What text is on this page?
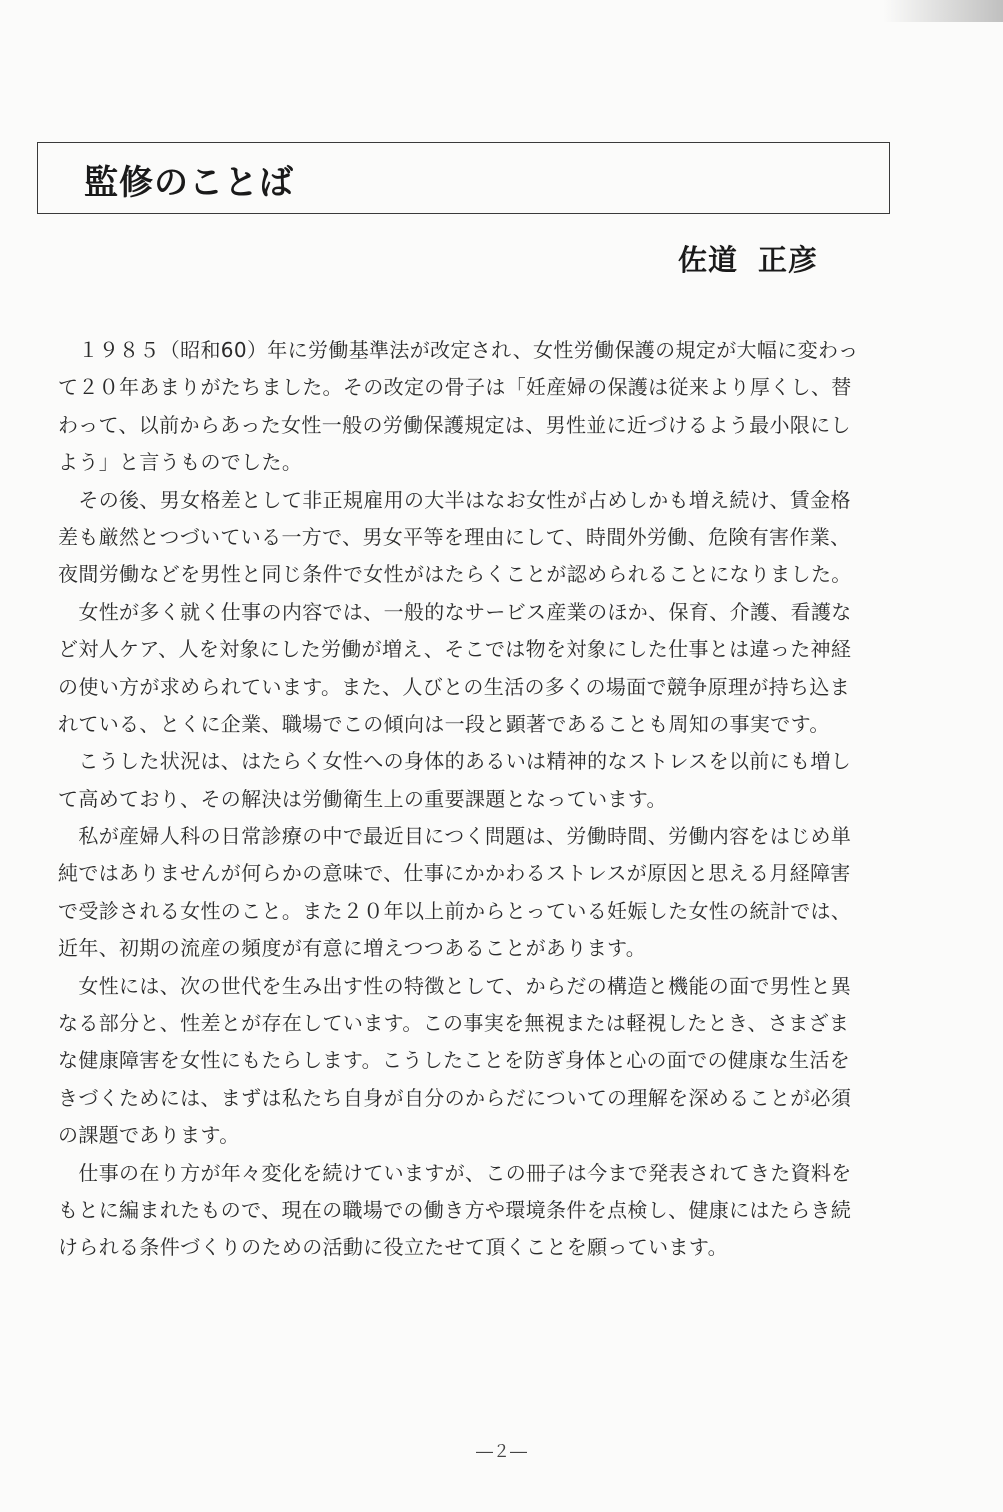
監修のことば
佐道 正彦
　１９８５（昭和60）年に労働基準法が改定され、女性労働保護の規定が大幅に変わっ
て２０年あまりがたちました。その改定の骨子は「妊産婦の保護は従来より厚くし、替
わって、以前からあった女性一般の労働保護規定は、男性並に近づけるよう最小限にし
よう」と言うものでした。
　その後、男女格差として非正規雇用の大半はなお女性が占めしかも増え続け、賃金格
差も厳然とつづいている一方で、男女平等を理由にして、時間外労働、危険有害作業、
夜間労働などを男性と同じ条件で女性がはたらくことが認められることになりました。
　女性が多く就く仕事の内容では、一般的なサービス産業のほか、保育、介護、看護な
ど対人ケア、人を対象にした労働が増え、そこでは物を対象にした仕事とは違った神経
の使い方が求められています。また、人びとの生活の多くの場面で競争原理が持ち込ま
れている、とくに企業、職場でこの傾向は一段と顕著であることも周知の事実です。
　こうした状況は、はたらく女性への身体的あるいは精神的なストレスを以前にも増し
て高めており、その解決は労働衛生上の重要課題となっています。
　私が産婦人科の日常診療の中で最近目につく問題は、労働時間、労働内容をはじめ単
純ではありませんが何らかの意味で、仕事にかかわるストレスが原因と思える月経障害
で受診される女性のこと。また２０年以上前からとっている妊娠した女性の統計では、
近年、初期の流産の頻度が有意に増えつつあることがあります。
　女性には、次の世代を生み出す性の特徴として、からだの構造と機能の面で男性と異
なる部分と、性差とが存在しています。この事実を無視または軽視したとき、さまざま
な健康障害を女性にもたらします。こうしたことを防ぎ身体と心の面での健康な生活を
きづくためには、まずは私たち自身が自分のからだについての理解を深めることが必須
の課題であります。
　仕事の在り方が年々変化を続けていますが、この冊子は今まで発表されてきた資料を
もとに編まれたもので、現在の職場での働き方や環境条件を点検し、健康にはたらき続
けられる条件づくりのための活動に役立たせて頂くことを願っています。
―２―
